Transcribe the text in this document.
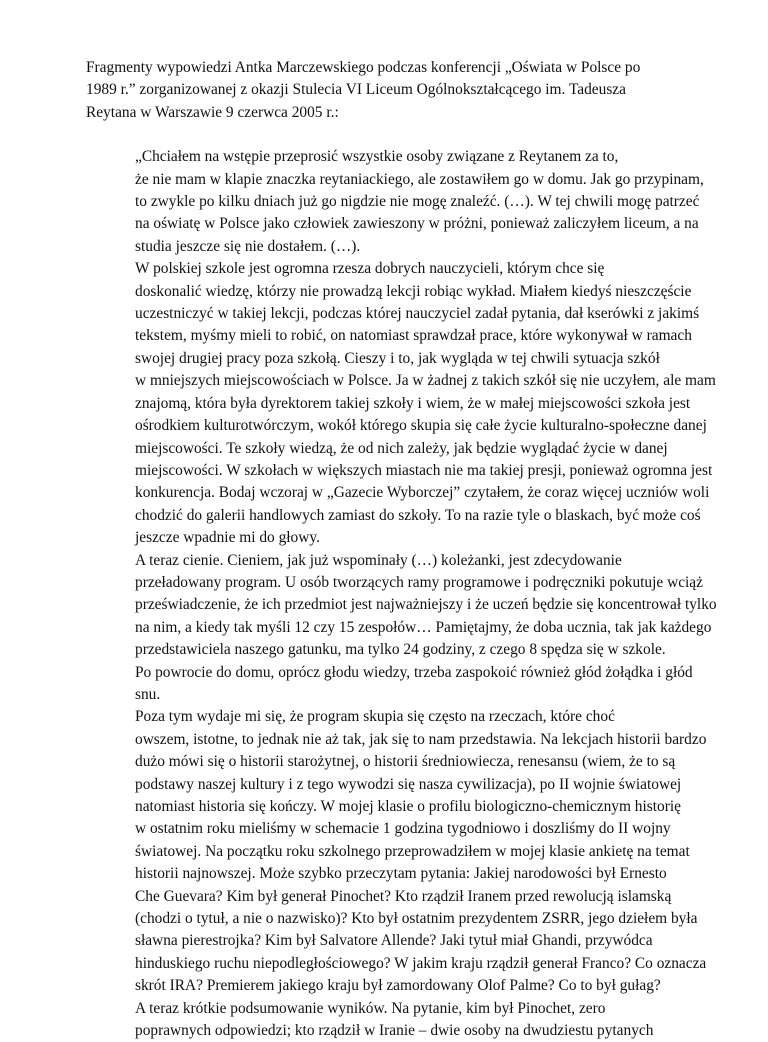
Fragmenty wypowiedzi Antka Marczewskiego podczas konferencji „Oświata w Polsce po
1989 r.” zorganizowanej z okazji Stulecia VI Liceum Ogólnokształcącego im. Tadeusza
Reytana w Warszawie 9 czerwca 2005 r.:
„Chciałem na wstępie przeprosić wszystkie osoby związane z Reytanem za to,
że nie mam w klapie znaczka reytaniackiego, ale zostawiłem go w domu. Jak go przypinam,
to zwykle po kilku dniach już go nigdzie nie mogę znaleźć. (…). W tej chwili mogę patrzeć
na oświatę w Polsce jako człowiek zawieszony w próżni, ponieważ zaliczyłem liceum, a na
studia jeszcze się nie dostałem. (…).
W polskiej szkole jest ogromna rzesza dobrych nauczycieli, którym chce się
doskonalić wiedzę, którzy nie prowadzą lekcji robiąc wykład. Miałem kiedyś nieszczęście
uczestniczyć w takiej lekcji, podczas której nauczyciel zadał pytania, dał kserówki z jakimś
tekstem, myśmy mieli to robić, on natomiast sprawdzał prace, które wykonywał w ramach
swojej drugiej pracy poza szkołą. Cieszy i to, jak wygląda w tej chwili sytuacja szkół
w mniejszych miejscowościach w Polsce. Ja w żadnej z takich szkół się nie uczyłem, ale mam
znajomą, która była dyrektorem takiej szkoły i wiem, że w małej miejscowości szkoła jest
ośrodkiem kulturotwórczym, wokół którego skupia się całe życie kulturalno-społeczne danej
miejscowości. Te szkoły wiedzą, że od nich zależy, jak będzie wyglądać życie w danej
miejscowości. W szkołach w większych miastach nie ma takiej presji, ponieważ ogromna jest
konkurencja. Bodaj wczoraj w „Gazecie Wyborczej” czytałem, że coraz więcej uczniów woli
chodzić do galerii handlowych zamiast do szkoły. To na razie tyle o blaskach, być może coś
jeszcze wpadnie mi do głowy.
A teraz cienie. Cieniem, jak już wspominały (…) koleżanki, jest zdecydowanie
przeładowany program. U osób tworzących ramy programowe i podręczniki pokutuje wciąż
przeświadczenie, że ich przedmiot jest najważniejszy i że uczeń będzie się koncentrował tylko
na nim, a kiedy tak myśli 12 czy 15 zespołów… Pamiętajmy, że doba ucznia, tak jak każdego
przedstawiciela naszego gatunku, ma tylko 24 godziny, z czego 8 spędza się w szkole.
Po powrocie do domu, oprócz głodu wiedzy, trzeba zaspokoić również głód żołądka i głód
snu.
Poza tym wydaje mi się, że program skupia się często na rzeczach, które choć
owszem, istotne, to jednak nie aż tak, jak się to nam przedstawia. Na lekcjach historii bardzo
dużo mówi się o historii starożytnej, o historii średniowiecza, renesansu (wiem, że to są
podstawy naszej kultury i z tego wywodzi się nasza cywilizacja), po II wojnie światowej
natomiast historia się kończy. W mojej klasie o profilu biologiczno-chemicznym historię
w ostatnim roku mieliśmy w schemacie 1 godzina tygodniowo i doszliśmy do II wojny
światowej. Na początku roku szkolnego przeprowadziłem w mojej klasie ankietę na temat
historii najnowszej. Może szybko przeczytam pytania: Jakiej narodowości był Ernesto
Che Guevara? Kim był generał Pinochet? Kto rządził Iranem przed rewolucją islamską
(chodzi o tytuł, a nie o nazwisko)? Kto był ostatnim prezydentem ZSRR, jego dziełem była
sławna pierestrojka? Kim był Salvatore Allende? Jaki tytuł miał Ghandi, przywódca
hinduskiego ruchu niepodległościowego? W jakim kraju rządził generał Franco? Co oznacza
skrót IRA? Premierem jakiego kraju był zamordowany Olof Palme? Co to był gułag?
A teraz krótkie podsumowanie wyników. Na pytanie, kim był Pinochet, zero
poprawnych odpowiedzi; kto rządził w Iranie – dwie osoby na dwudziestu pytanych
